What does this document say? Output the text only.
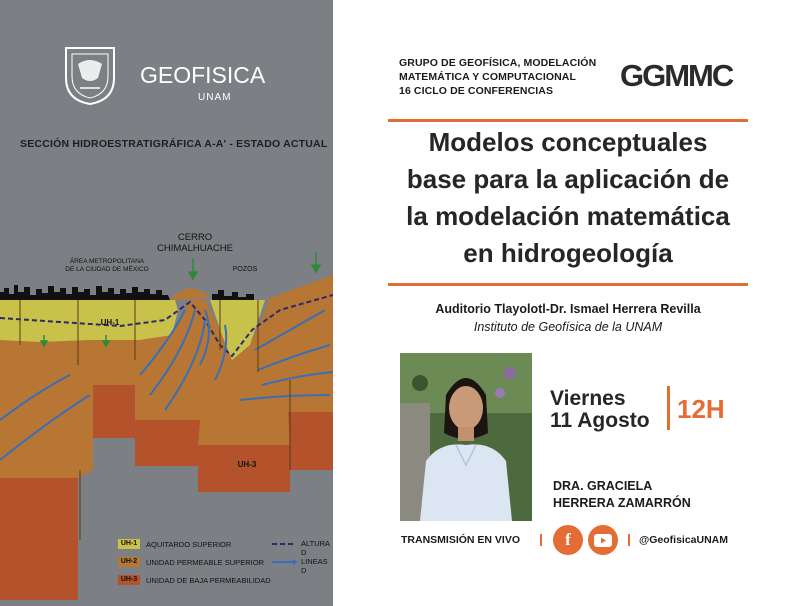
GEOFISICA
UNAM
SECCIÓN HIDROESTRATIGRÁFICA A-A' - ESTADO ACTUAL
CERRO
CHIMALHUACHE
ÁREA METROPOLITANA
DE LA CIUDAD DE MÉXICO	POZOS
UH-1
UH-3
UH-1	AQUITARDO SUPERIOR
UH-2	UNIDAD PERMEABLE SUPERIOR
UH-3	UNIDAD DE BAJA PERMEABILIDAD
ALTURA D
LINEAS D
GRUPO DE GEOFÍSICA, MODELACIÓN
MATEMÁTICA Y COMPUTACIONAL
16 CICLO DE CONFERENCIAS	GGMMC
Modelos conceptuales
base para la aplicación de
la modelación matemática
en hidrogeología
Auditorio Tlayolotl-Dr. Ismael Herrera Revilla
Instituto de Geofísica de la UNAM
Viernes
11 Agosto 12H
DRA. GRACIELA
HERRERA ZAMARRÓN
TRANSMISIÓN EN VIVO	f	@GeofisicaUNAM
